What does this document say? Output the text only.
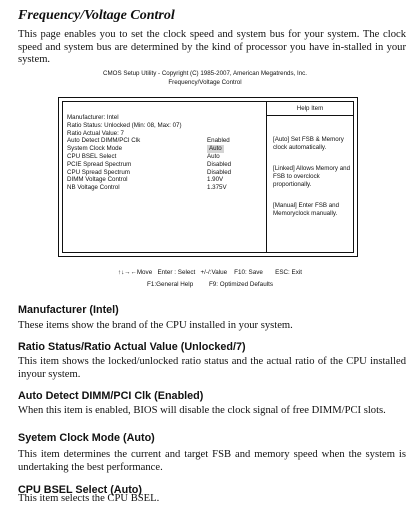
Frequency/Voltage Control
This page enables you to set the clock speed and system bus for your system. The clock speed and system bus are determined by the kind of processor you have in-stalled in your system.
CMOS Setup Utility - Copyright (C) 1985-2007, American Megatrends, Inc.
Frequency/Voltage Control
Help Item
Manufacturer: Intel
Ratio Status: Unlocked (Min: 08, Max: 07)
Ratio Actual Value: 7
Auto Detect DIMM/PCI Clk	Enabled
System Clock Mode	Auto
CPU BSEL Select	Auto
PCIE Spread Spectrum	Disabled
CPU Spread Spectrum	Disabled
DIMM Voltage Control	1.90V
NB Voltage Control	1.375V
[Auto] Set FSB & Memory clock automatically.
[Linked] Allows Memory and FSB to overclock proportionally.
[Manual] Enter FSB and Memoryclock manually.
↑↓→←Move   Enter : Select   +/-/:Value    F10: Save       ESC: Exit
F1:General Help         F9: Optimized Defaults
Manufacturer (Intel)
These items show the brand of the CPU installed in your system.
Ratio Status/Ratio Actual Value (Unlocked/7)
This item shows the locked/unlocked ratio status and the actual ratio of the CPU installed inyour system.
Auto Detect DIMM/PCI Clk (Enabled)
When this item is enabled, BIOS will disable the clock signal of free DIMM/PCI slots.
Syetem Clock Mode (Auto)
This item determines the current and target FSB and memory speed when the system is undertaking the best performance.
CPU BSEL Select (Auto)
This item selects the CPU BSEL.
